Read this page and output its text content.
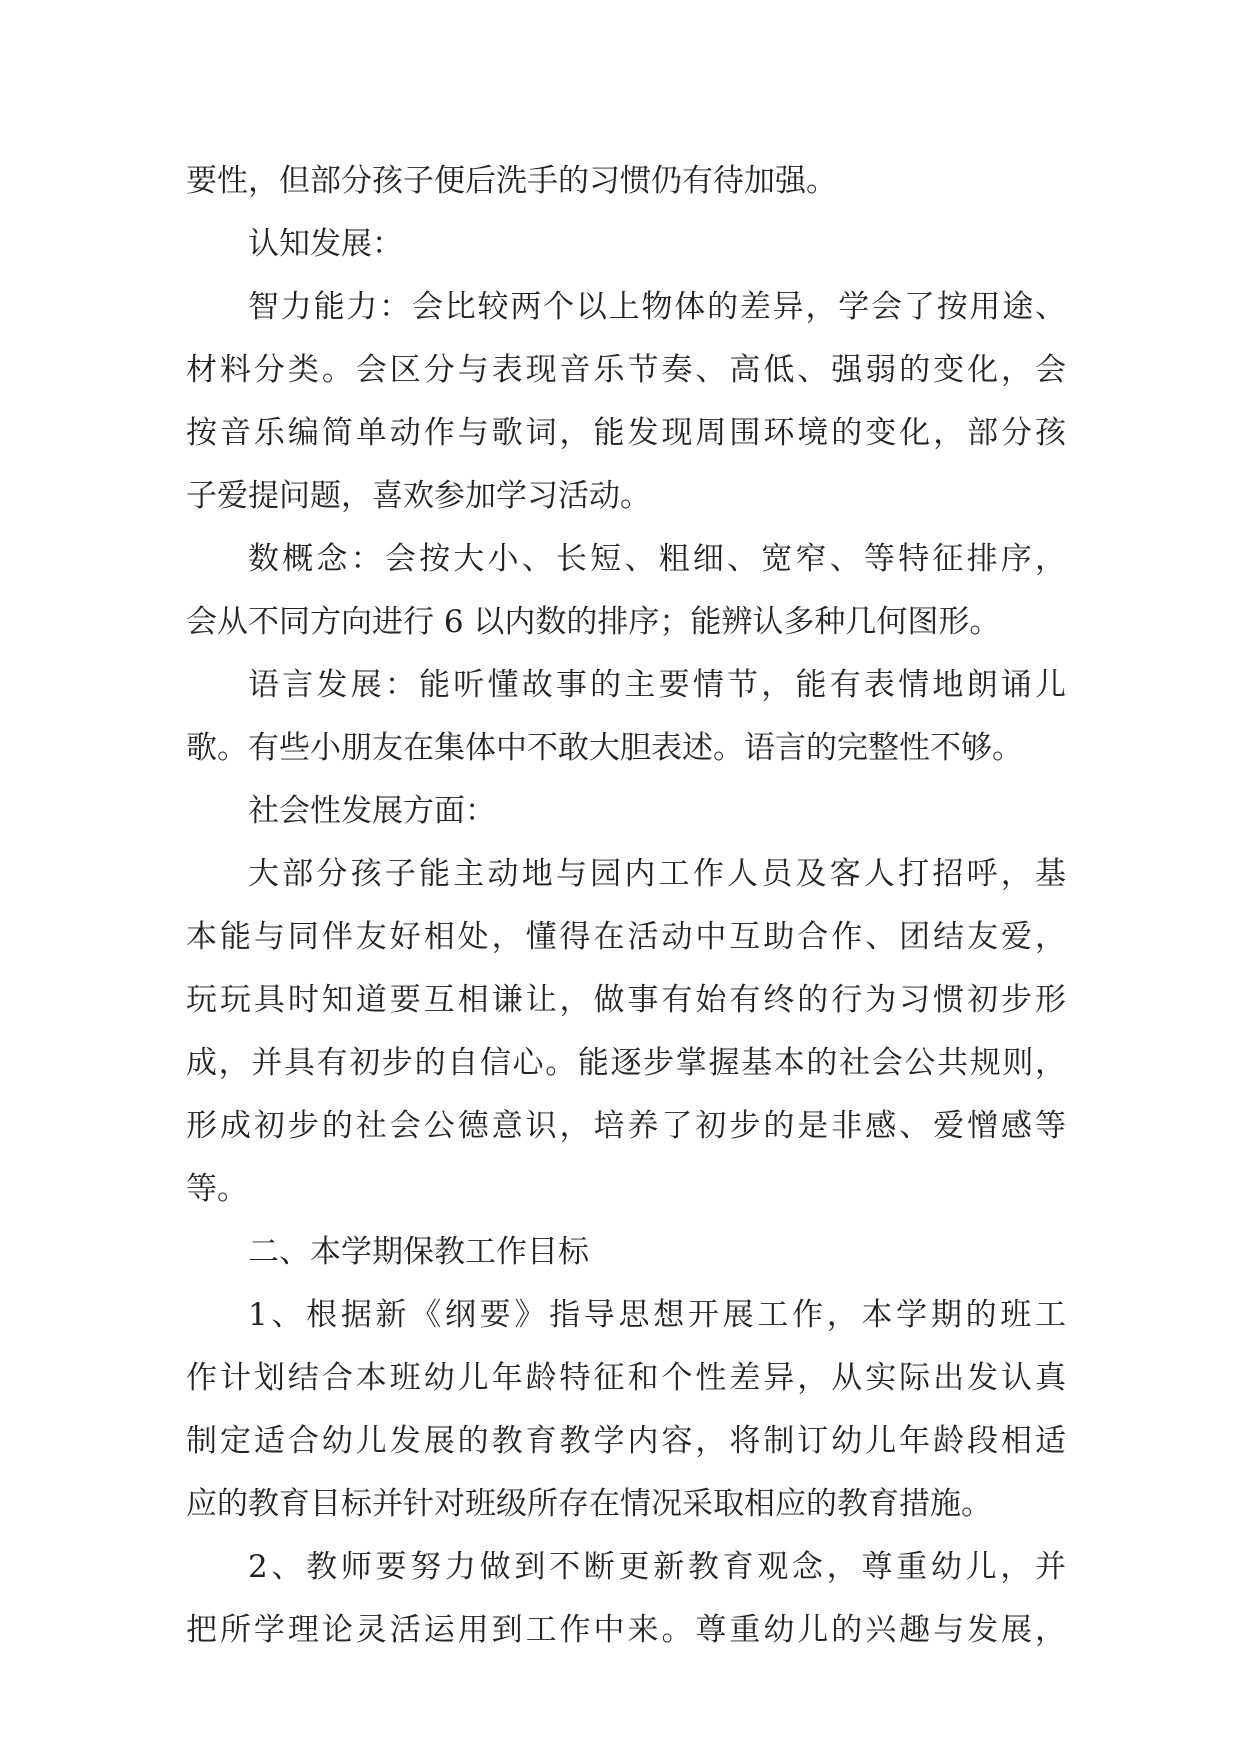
要性，但部分孩子便后洗手的习惯仍有待加强。
认知发展：
智力能力：会比较两个以上物体的差异，学会了按用途、
材料分类。会区分与表现音乐节奏、高低、强弱的变化，会
按音乐编简单动作与歌词，能发现周围环境的变化，部分孩
子爱提问题，喜欢参加学习活动。
数概念：会按大小、长短、粗细、宽窄、等特征排序，
会从不同方向进行 6 以内数的排序；能辨认多种几何图形。
语言发展：能听懂故事的主要情节，能有表情地朗诵儿
歌。有些小朋友在集体中不敢大胆表述。语言的完整性不够。
社会性发展方面：
大部分孩子能主动地与园内工作人员及客人打招呼，基
本能与同伴友好相处，懂得在活动中互助合作、团结友爱，
玩玩具时知道要互相谦让，做事有始有终的行为习惯初步形
成，并具有初步的自信心。能逐步掌握基本的社会公共规则，
形成初步的社会公德意识，培养了初步的是非感、爱憎感等
等。
二、本学期保教工作目标
1、根据新《纲要》指导思想开展工作，本学期的班工
作计划结合本班幼儿年龄特征和个性差异，从实际出发认真
制定适合幼儿发展的教育教学内容，将制订幼儿年龄段相适
应的教育目标并针对班级所存在情况采取相应的教育措施。
2、教师要努力做到不断更新教育观念，尊重幼儿，并
把所学理论灵活运用到工作中来。尊重幼儿的兴趣与发展，
